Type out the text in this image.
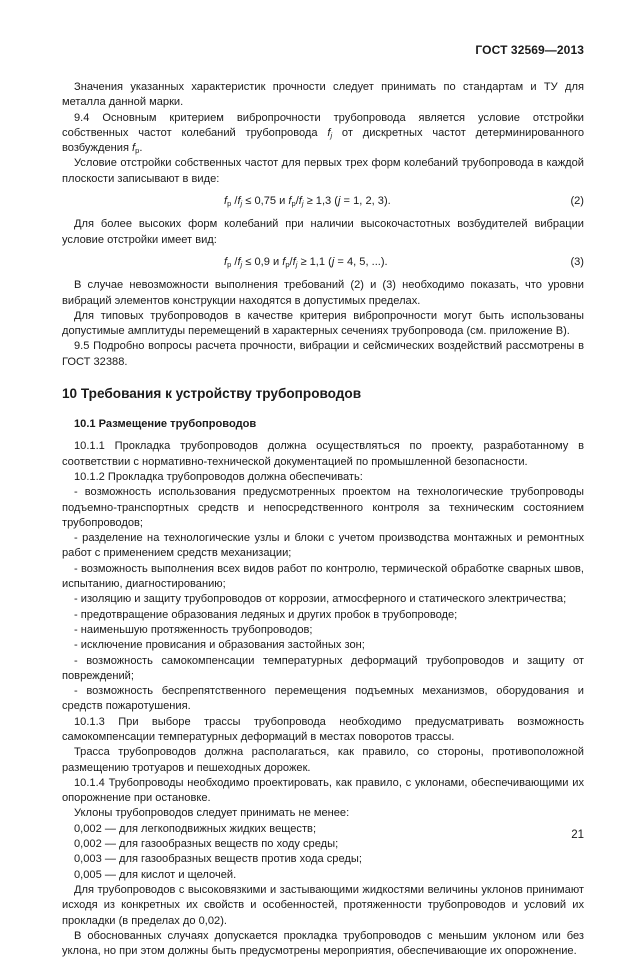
ГОСТ 32569—2013
Значения указанных характеристик прочности следует принимать по стандартам и ТУ для металла данной марки.
9.4 Основным критерием вибропрочности трубопровода является условие отстройки собственных частот колебаний трубопровода $f_j$ от дискретных частот детерминированного возбуждения $f_р$.
Условие отстройки собственных частот для первых трех форм колебаний трубопровода в каждой плоскости записывают в виде:
$f_р$ $/f_j \le 0,75$ и $f_р/f_j \ge 1,3$ (j = 1, 2, 3).	(2)
Для более высоких форм колебаний при наличии высокочастотных возбудителей вибрации условие отстройки имеет вид:
$f_р$ $/f_j \le 0,9$ и $f_р/f_j \ge 1,1$ (j = 4, 5, ...).	(3)
В случае невозможности выполнения требований (2) и (3) необходимо показать, что уровни вибраций элементов конструкции находятся в допустимых пределах.
Для типовых трубопроводов в качестве критерия вибропрочности могут быть использованы допустимые амплитуды перемещений в характерных сечениях трубопровода (см. приложение В).
9.5 Подробно вопросы расчета прочности, вибрации и сейсмических воздействий рассмотрены в ГОСТ 32388.
10 Требования к устройству трубопроводов
10.1 Размещение трубопроводов
10.1.1 Прокладка трубопроводов должна осуществляться по проекту, разработанному в соответствии с нормативно-технической документацией по промышленной безопасности.
10.1.2 Прокладка трубопроводов должна обеспечивать:
- возможность использования предусмотренных проектом на технологические трубопроводы подъемно-транспортных средств и непосредственного контроля за техническим состоянием трубопроводов;
- разделение на технологические узлы и блоки с учетом производства монтажных и ремонтных работ с применением средств механизации;
- возможность выполнения всех видов работ по контролю, термической обработке сварных швов, испытанию, диагностированию;
- изоляцию и защиту трубопроводов от коррозии, атмосферного и статического электричества;
- предотвращение образования ледяных и других пробок в трубопроводе;
- наименьшую протяженность трубопроводов;
- исключение провисания и образования застойных зон;
- возможность самокомпенсации температурных деформаций трубопроводов и защиту от повреждений;
- возможность беспрепятственного перемещения подъемных механизмов, оборудования и средств пожаротушения.
10.1.3 При выборе трассы трубопровода необходимо предусматривать возможность самокомпенсации температурных деформаций в местах поворотов трассы.
Трасса трубопроводов должна располагаться, как правило, со стороны, противоположной размещению тротуаров и пешеходных дорожек.
10.1.4 Трубопроводы необходимо проектировать, как правило, с уклонами, обеспечивающими их опорожнение при остановке.
Уклоны трубопроводов следует принимать не менее:
0,002 — для легкоподвижных жидких веществ;
0,002 — для газообразных веществ по ходу среды;
0,003 — для газообразных веществ против хода среды;
0,005 — для кислот и щелочей.
Для трубопроводов с высоковязкими и застывающими жидкостями величины уклонов принимают исходя из конкретных их свойств и особенностей, протяженности трубопроводов и условий их прокладки (в пределах до 0,02).
В обоснованных случаях допускается прокладка трубопроводов с меньшим уклоном или без уклона, но при этом должны быть предусмотрены мероприятия, обеспечивающие их опорожнение.
21
